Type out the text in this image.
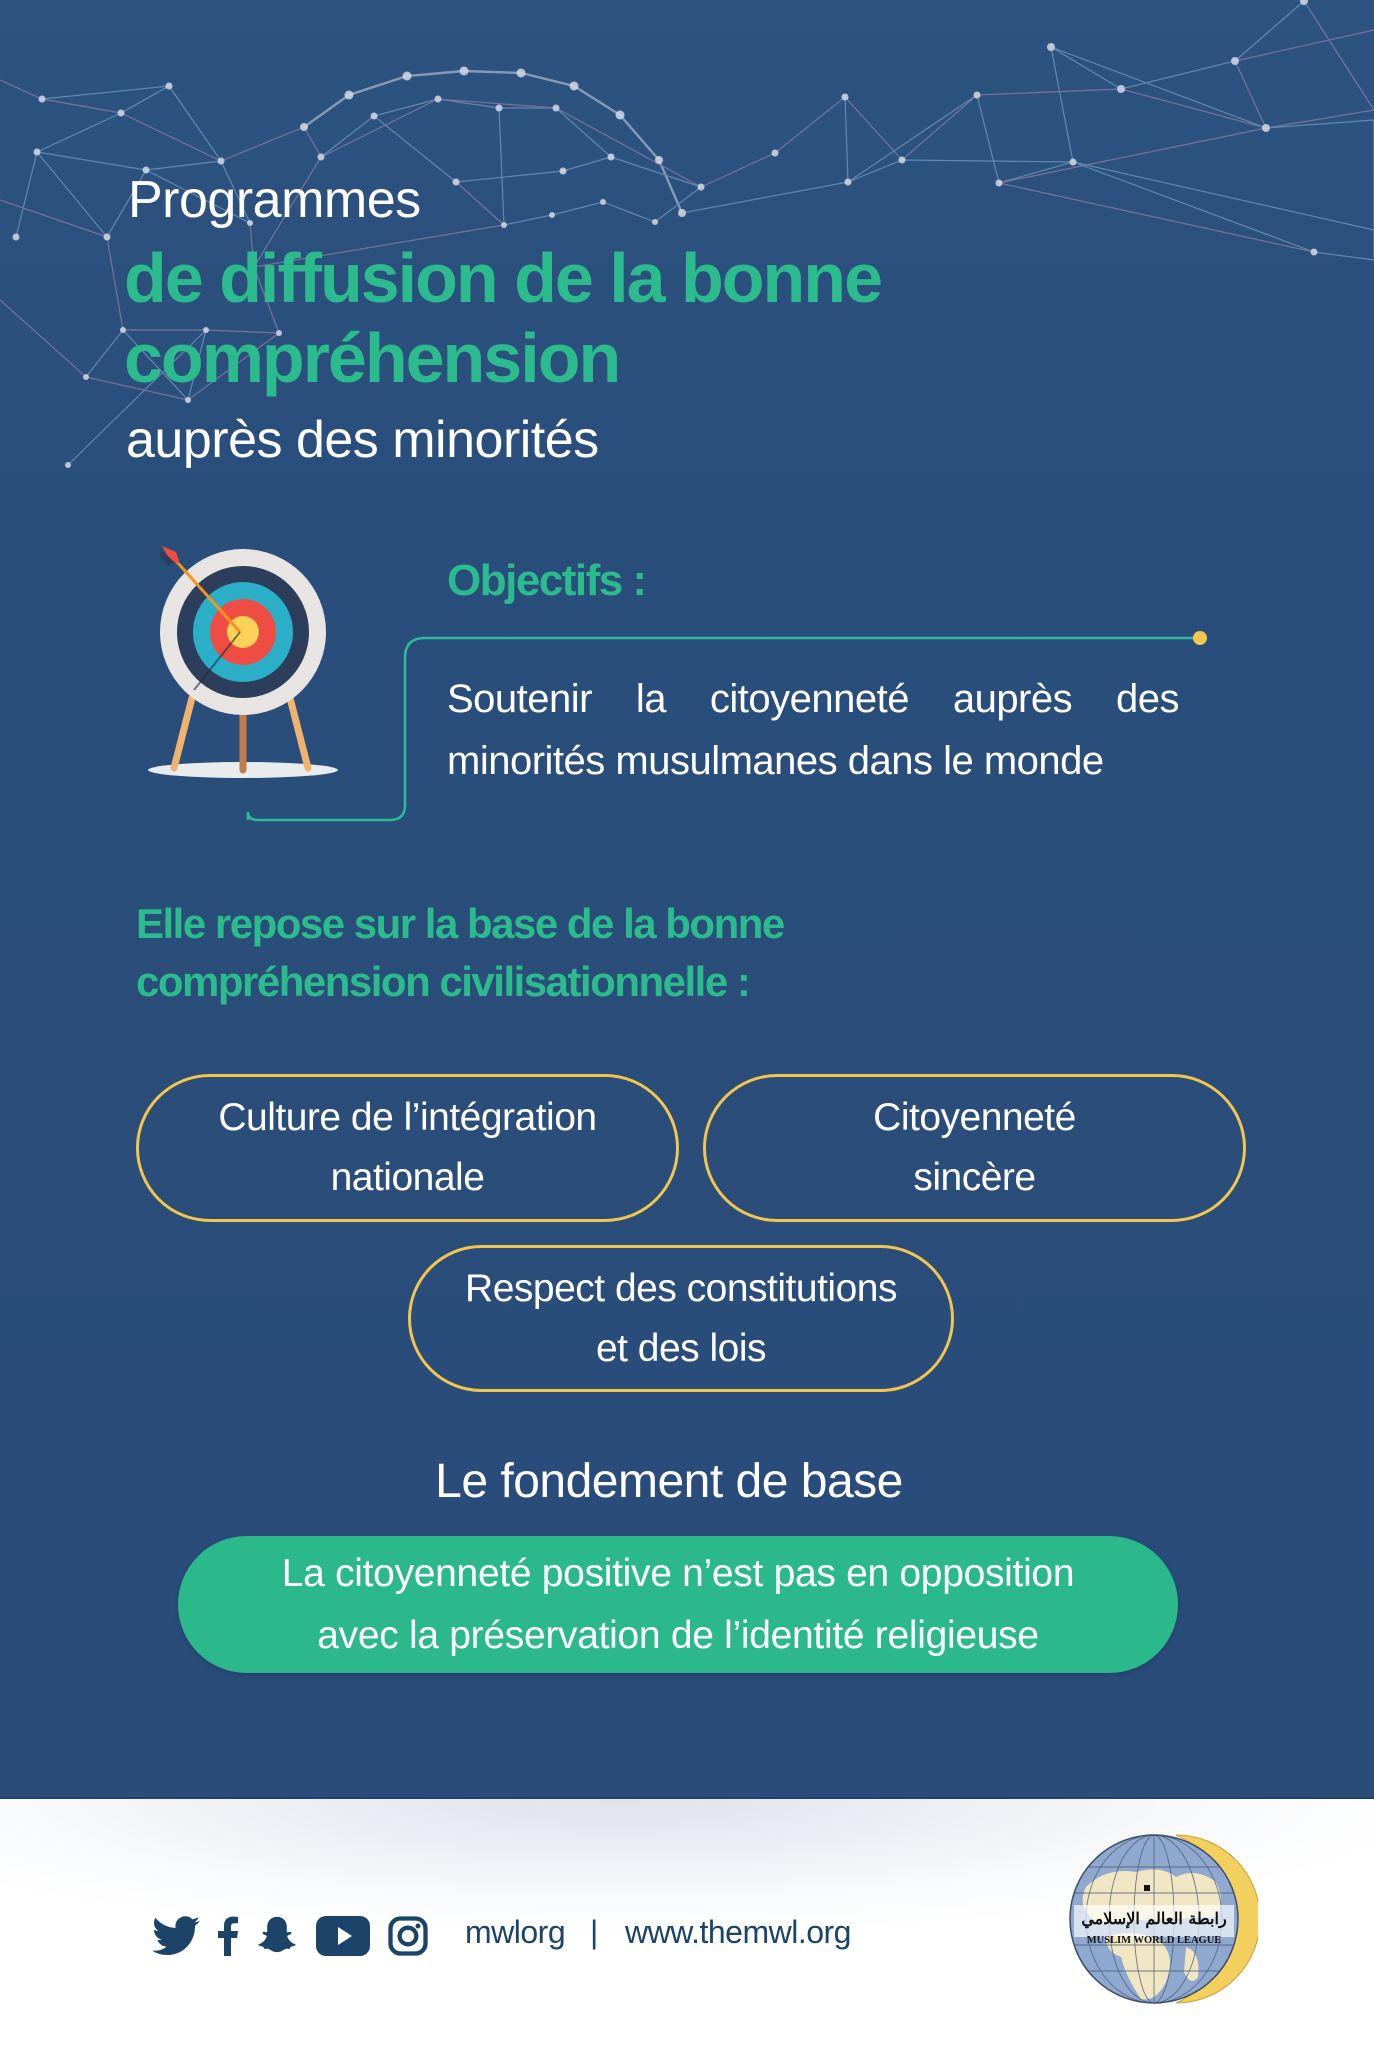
Programmes
de diffusion de la bonne
compréhension
auprès des minorités
Objectifs :
Soutenir la citoyenneté auprès des
minorités musulmanes dans le monde
Elle repose sur la base de la bonne compréhension civilisationnelle :
Culture de l’intégration
nationale
Citoyenneté
sincère
Respect des constitutions
et des lois
Le fondement de base
La citoyenneté positive n’est pas en opposition
avec la préservation de l’identité religieuse
mwlorg | www.themwl.org	رابطة العالم الإسلامي
MUSLIM WORLD LEAGUE
